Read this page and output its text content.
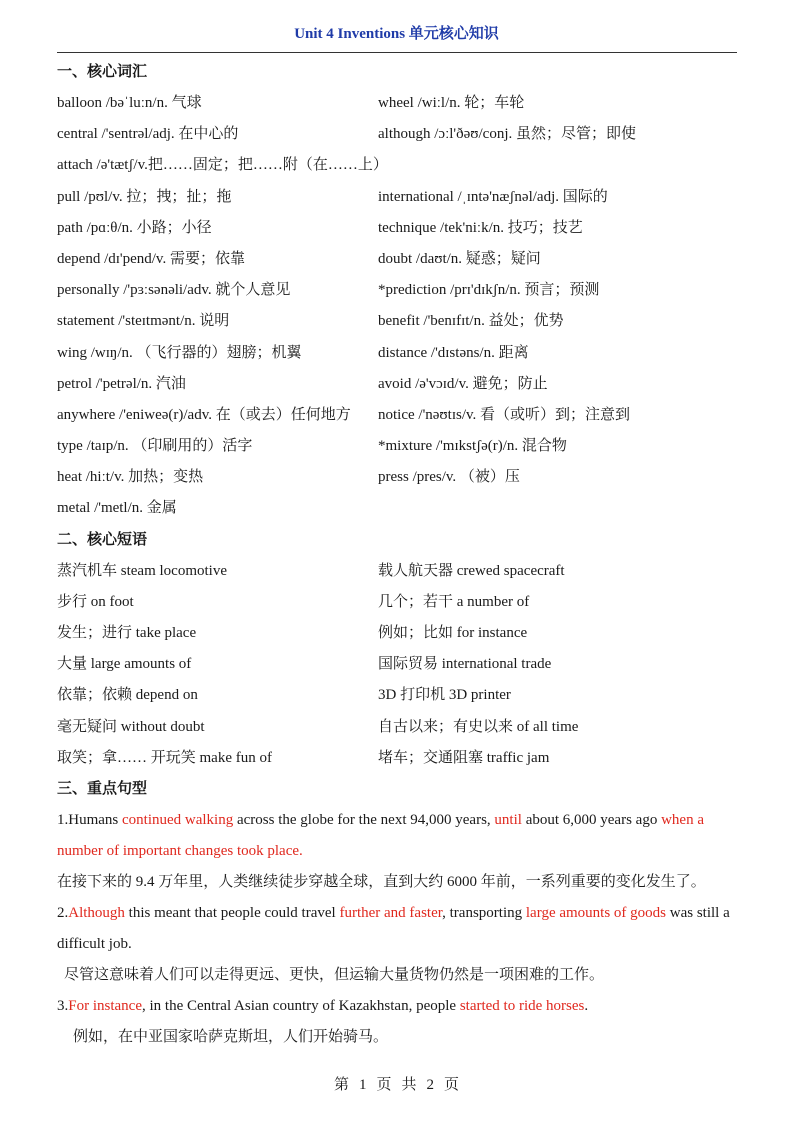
Unit 4 Inventions 单元核心知识
一、核心词汇
balloon /bəˈluːn/n. 气球	wheel /wiːl/n. 轮；车轮
central /'sentrəl/adj. 在中心的	although /ɔːl'ðəʊ/conj. 虽然；尽管；即使
attach /ə'tætʃ/v.把……固定；把……附（在……上）
pull /pʊl/v. 拉；拽；扯；拖	international /ˌɪntə'næʃnəl/adj. 国际的
path /pɑːθ/n. 小路；小径	technique /tek'niːk/n. 技巧；技艺
depend /dɪ'pend/v. 需要；依靠	doubt /daʊt/n. 疑惑；疑问
personally /'pɜːsənəli/adv. 就个人意见	*prediction /prɪ'dɪkʃn/n. 预言；预测
statement /'steɪtmənt/n. 说明	benefit /'benɪfɪt/n. 益处；优势
wing /wɪŋ/n. （飞行器的）翅膀；机翼	distance /'dɪstəns/n. 距离
petrol /'petrəl/n. 汽油	avoid /ə'vɔɪd/v. 避免；防止
anywhere /'eniweə(r)/adv. 在（或去）任何地方	notice /'nəʊtɪs/v. 看（或听）到；注意到
type /taɪp/n. （印刷用的）活字	*mixture /'mɪkstʃə(r)/n. 混合物
heat /hiːt/v. 加热；变热	press /pres/v. （被）压
metal /'metl/n. 金属
二、核心短语
蒸汽机车 steam locomotive	载人航天器 crewed spacecraft
步行 on foot	几个；若干 a number of
发生；进行 take place	例如；比如 for instance
大量 large amounts of	国际贸易 international trade
依靠；依赖 depend on	3D 打印机 3D printer
毫无疑问 without doubt	自古以来；有史以来 of all time
取笑；拿…… 开玩笑 make fun of	堵车；交通阻塞 traffic jam
三、重点句型
1.Humans continued walking across the globe for the next 94,000 years, until about 6,000 years ago when a number of important changes took place.
在接下来的 9.4 万年里，人类继续徒步穿越全球，直到大约 6000 年前，一系列重要的变化发生了。
2.Although this meant that people could travel further and faster, transporting large amounts of goods was still a difficult job.
尽管这意味着人们可以走得更远、更快，但运输大量货物仍然是一项困难的工作。
3.For instance, in the Central Asian country of Kazakhstan, people started to ride horses.
例如，在中亚国家哈萨克斯坦，人们开始骑马。
第 1 页 共 2 页
